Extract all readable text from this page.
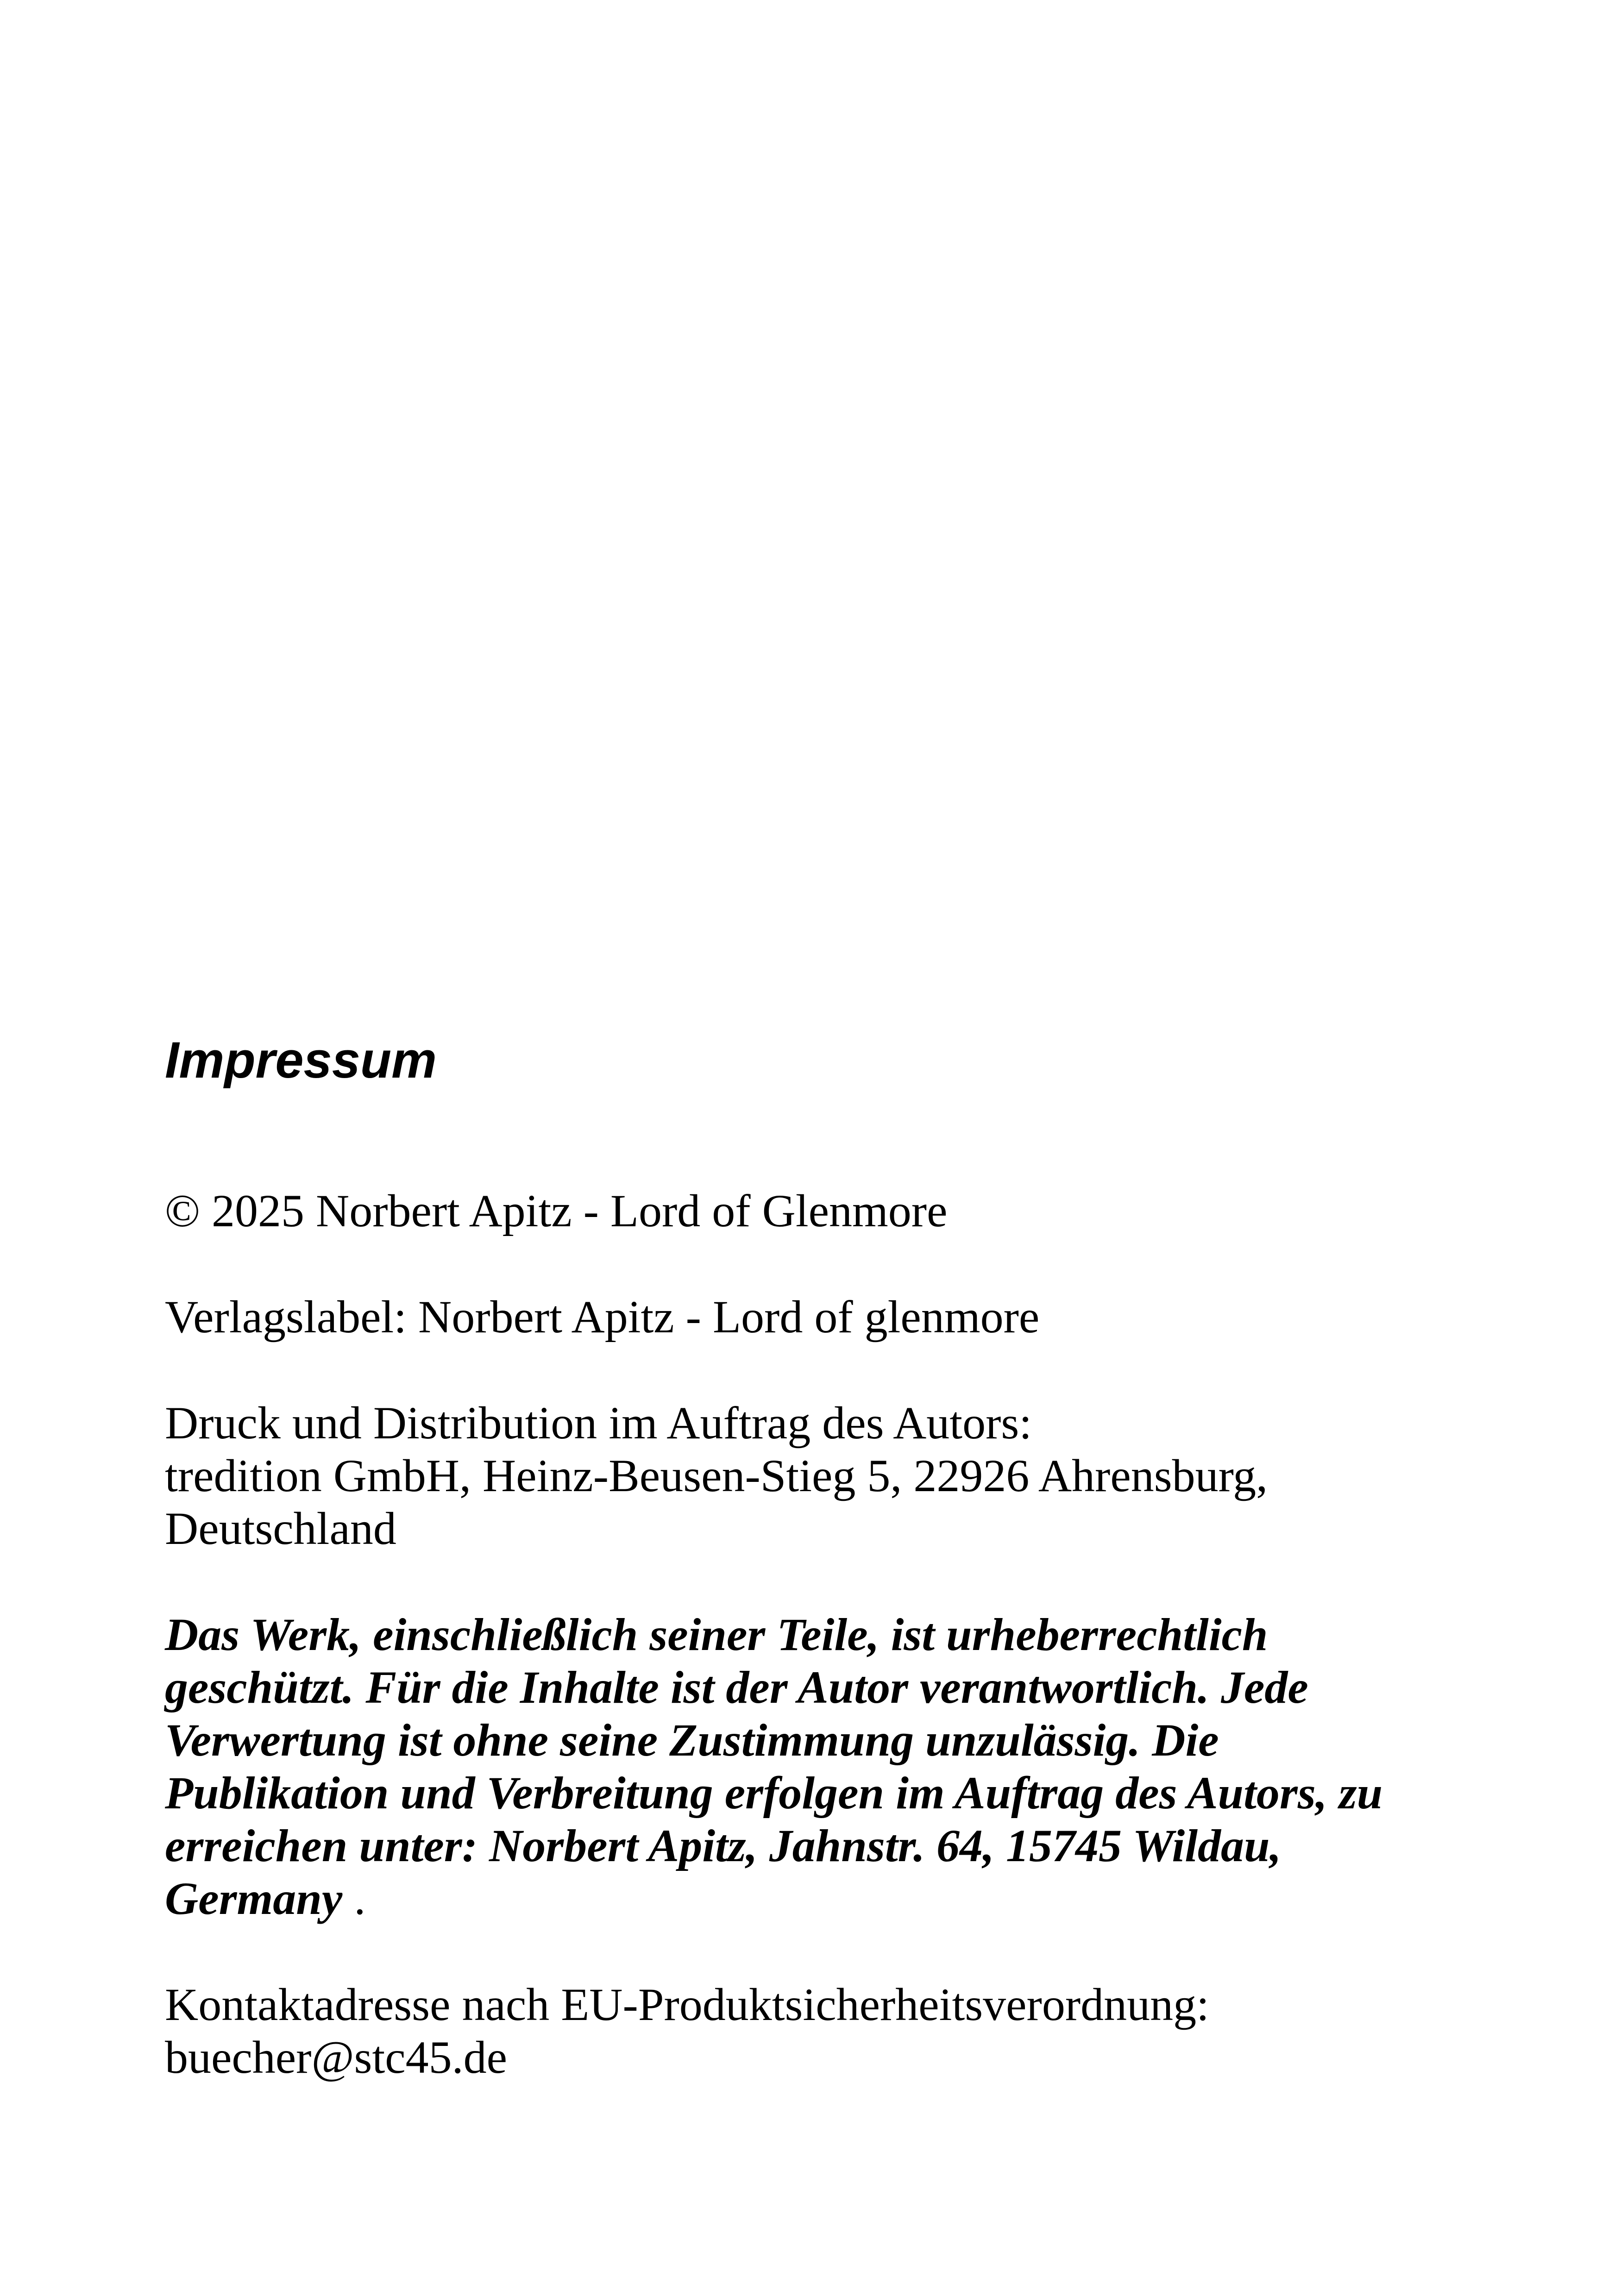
Impressum

© 2025 Norbert Apitz - Lord of Glenmore

Verlagslabel: Norbert Apitz - Lord of glenmore

Druck und Distribution im Auftrag des Autors:
tredition GmbH, Heinz-Beusen-Stieg 5, 22926 Ahrensburg,
Deutschland

Das Werk, einschließlich seiner Teile, ist urheberrechtlich
geschützt. Für die Inhalte ist der Autor verantwortlich. Jede
Verwertung ist ohne seine Zustimmung unzulässig. Die
Publikation und Verbreitung erfolgen im Auftrag des Autors, zu
erreichen unter: Norbert Apitz, Jahnstr. 64, 15745 Wildau,
Germany .

Kontaktadresse nach EU-Produktsicherheitsverordnung:
buecher@stc45.de
